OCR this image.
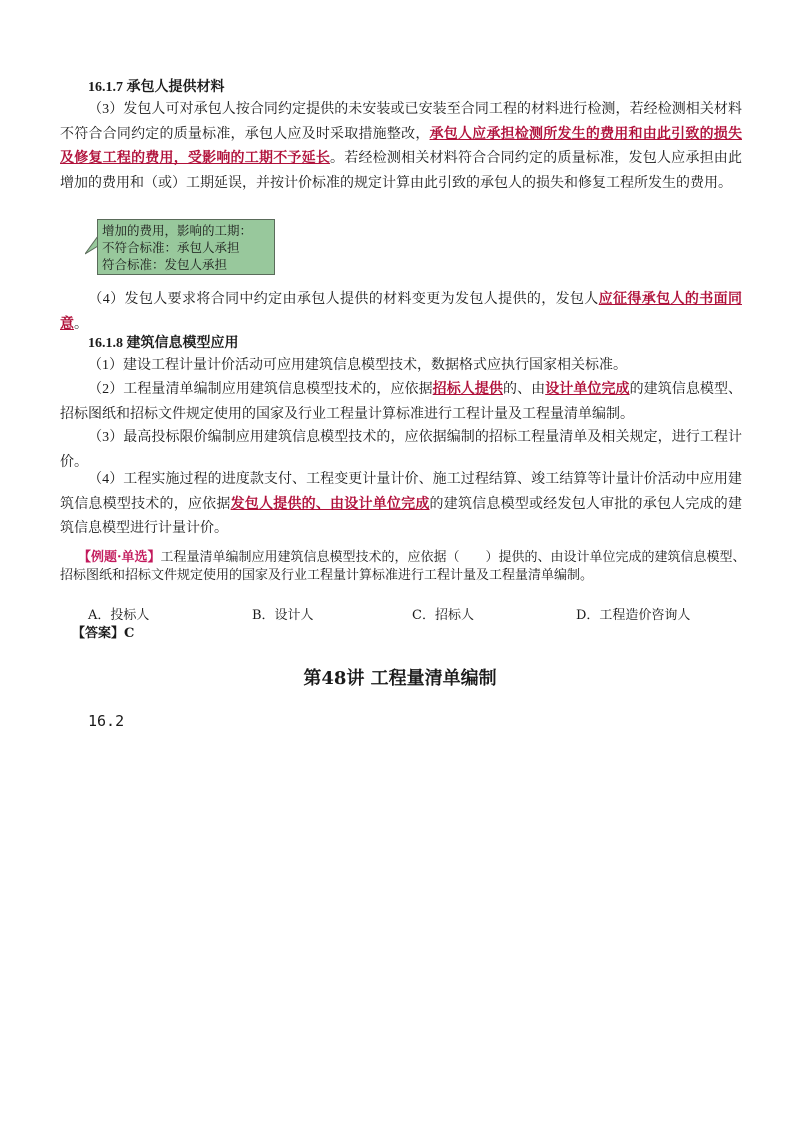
16.1.7 承包人提供材料
（3）发包人可对承包人按合同约定提供的未安装或已安装至合同工程的材料进行检测，若经检测相关材料不符合合同约定的质量标准，承包人应及时采取措施整改，承包人应承担检测所发生的费用和由此引致的损失及修复工程的费用，受影响的工期不予延长。若经检测相关材料符合合同约定的质量标准，发包人应承担由此增加的费用和（或）工期延误，并按计价标准的规定计算由此引致的承包人的损失和修复工程所发生的费用。
增加的费用，影响的工期：
不符合标准：承包人承担
符合标准：发包人承担
（4）发包人要求将合同中约定由承包人提供的材料变更为发包人提供的，发包人应征得承包人的书面同意。
16.1.8 建筑信息模型应用
（1）建设工程计量计价活动可应用建筑信息模型技术，数据格式应执行国家相关标准。
（2）工程量清单编制应用建筑信息模型技术的，应依据招标人提供的、由设计单位完成的建筑信息模型、招标图纸和招标文件规定使用的国家及行业工程量计算标准进行工程计量及工程量清单编制。
（3）最高投标限价编制应用建筑信息模型技术的，应依据编制的招标工程量清单及相关规定，进行工程计价。
（4）工程实施过程的进度款支付、工程变更计量计价、施工过程结算、竣工结算等计量计价活动中应用建筑信息模型技术的，应依据发包人提供的、由设计单位完成的建筑信息模型或经发包人审批的承包人完成的建筑信息模型进行计量计价。
【例题·单选】工程量清单编制应用建筑信息模型技术的，应依据（　　）提供的、由设计单位完成的建筑信息模型、招标图纸和招标文件规定使用的国家及行业工程量计算标准进行工程计量及工程量清单编制。
A．投标人	B．设计人	C．招标人	D．工程造价咨询人
【答案】C
第48讲 工程量清单编制
16.2
